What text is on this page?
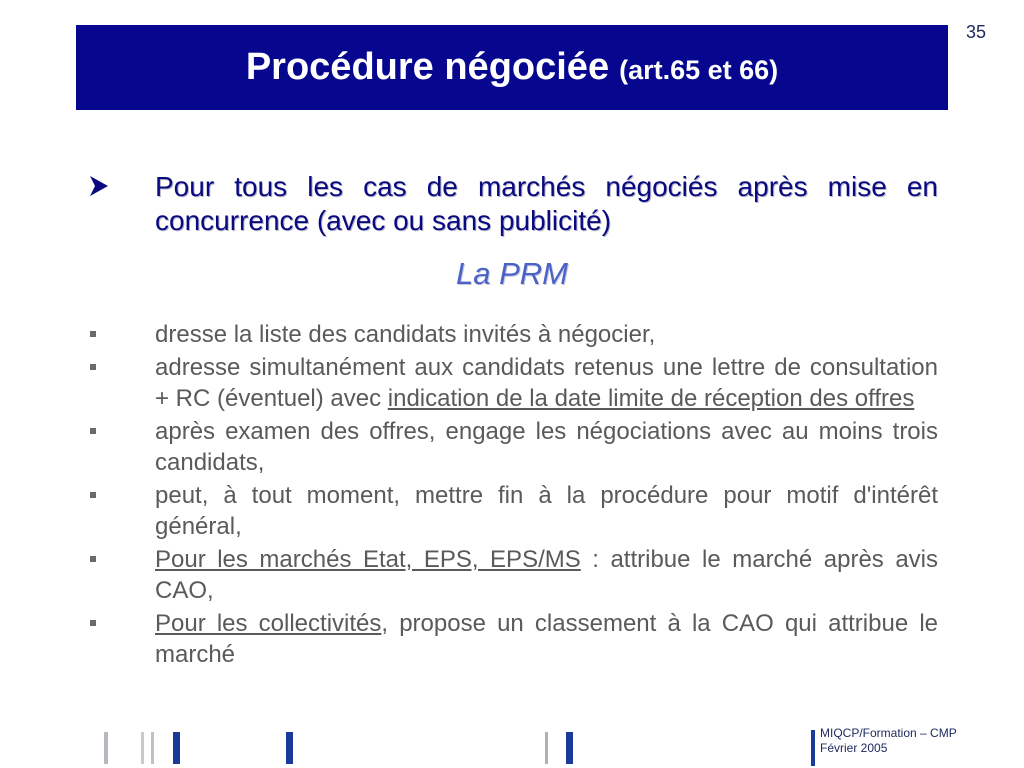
35
Procédure négociée (art.65 et 66)
Pour tous les cas de marchés négociés après mise en concurrence (avec ou sans publicité)
La PRM
dresse la liste des candidats invités à négocier,
adresse simultanément aux candidats retenus une lettre de consultation + RC (éventuel) avec indication de la date limite de réception des offres
après examen des offres, engage les négociations avec au moins trois candidats,
peut, à tout moment, mettre fin à la procédure pour motif d'intérêt général,
Pour les marchés Etat, EPS, EPS/MS : attribue le marché après avis CAO,
Pour les collectivités, propose un classement à la CAO qui attribue le marché
MIQCP/Formation – CMP
Février 2005
